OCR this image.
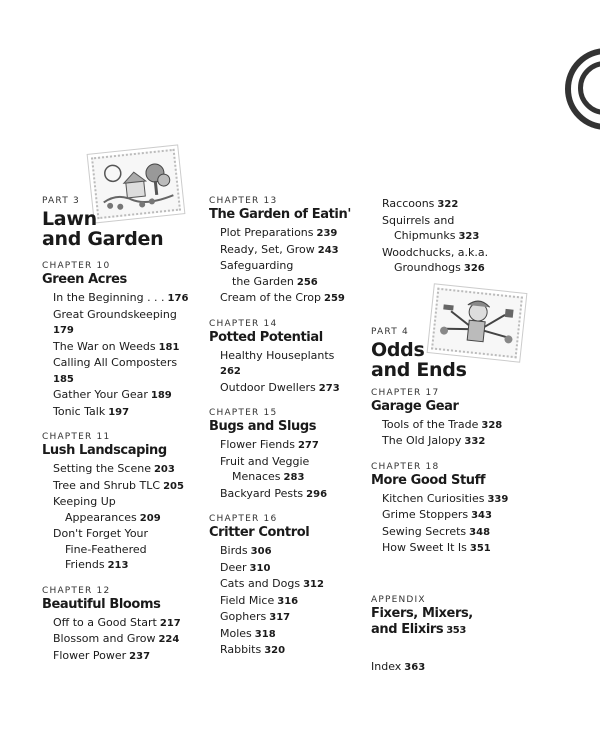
PART 3
Lawn
and Garden
CHAPTER 10
Green Acres
In the Beginning . . . 176
Great Groundskeeping
179
The War on Weeds 181
Calling All Composters
185
Gather Your Gear 189
Tonic Talk 197
CHAPTER 11
Lush Landscaping
Setting the Scene 203
Tree and Shrub TLC 205
Keeping Up
Appearances 209
Don't Forget Your
Fine-Feathered
Friends 213
CHAPTER 12
Beautiful Blooms
Off to a Good Start 217
Blossom and Grow 224
Flower Power 237
CHAPTER 13
The Garden of Eatin'
Plot Preparations 239
Ready, Set, Grow 243
Safeguarding
the Garden 256
Cream of the Crop 259
CHAPTER 14
Potted Potential
Healthy Houseplants
262
Outdoor Dwellers 273
CHAPTER 15
Bugs and Slugs
Flower Fiends 277
Fruit and Veggie
Menaces 283
Backyard Pests 296
CHAPTER 16
Critter Control
Birds 306
Deer 310
Cats and Dogs 312
Field Mice 316
Gophers 317
Moles 318
Rabbits 320
Raccoons 322
Squirrels and
Chipmunks 323
Woodchucks, a.k.a.
Groundhogs 326
PART 4
Odds
and Ends
CHAPTER 17
Garage Gear
Tools of the Trade 328
The Old Jalopy 332
CHAPTER 18
More Good Stuff
Kitchen Curiosities 339
Grime Stoppers 343
Sewing Secrets 348
How Sweet It Is 351
APPENDIX
Fixers, Mixers,
and Elixirs 353
Index 363
